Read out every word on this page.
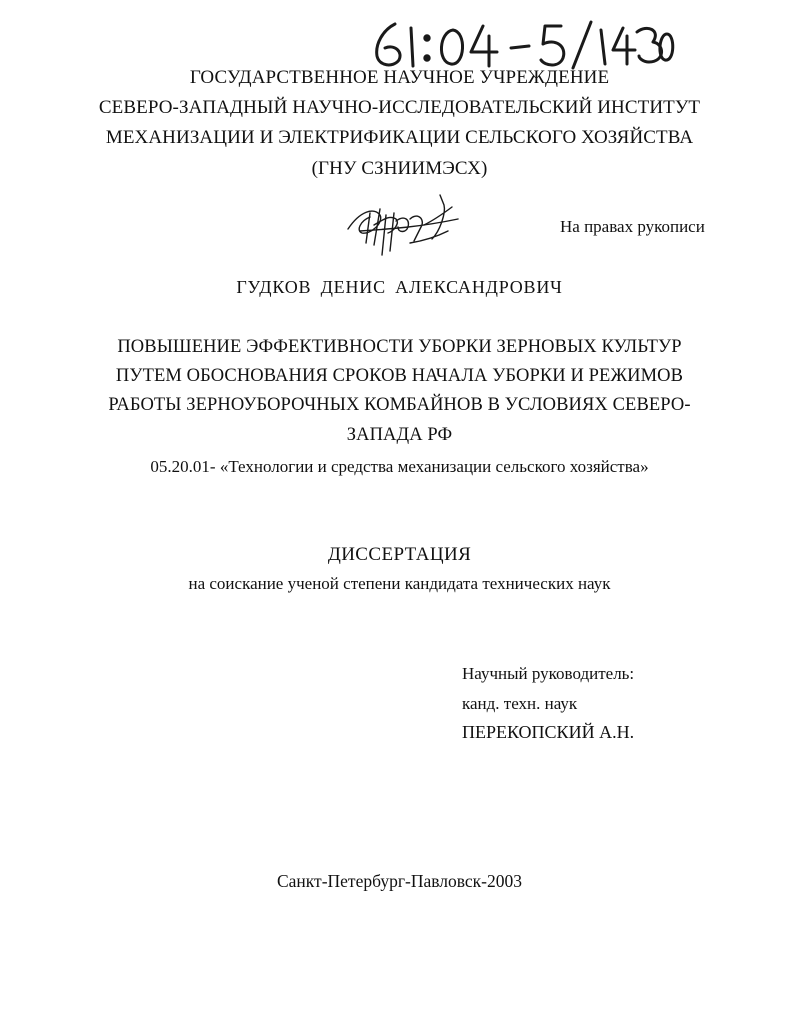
ГОСУДАРСТВЕННОЕ НАУЧНОЕ УЧРЕЖДЕНИЕ
СЕВЕРО-ЗАПАДНЫЙ НАУЧНО-ИССЛЕДОВАТЕЛЬСКИЙ ИНСТИТУТ
МЕХАНИЗАЦИИ И ЭЛЕКТРИФИКАЦИИ СЕЛЬСКОГО ХОЗЯЙСТВА
(ГНУ СЗНИИМЭСХ)
На правах рукописи
ГУДКОВ ДЕНИС АЛЕКСАНДРОВИЧ
ПОВЫШЕНИЕ ЭФФЕКТИВНОСТИ УБОРКИ ЗЕРНОВЫХ КУЛЬТУР
ПУТЕМ ОБОСНОВАНИЯ СРОКОВ НАЧАЛА УБОРКИ И РЕЖИМОВ
РАБОТЫ ЗЕРНОУБОРОЧНЫХ КОМБАЙНОВ В УСЛОВИЯХ СЕВЕРО-
ЗАПАДА РФ
05.20.01- «Технологии и средства механизации сельского хозяйства»
ДИССЕРТАЦИЯ
на соискание ученой степени кандидата технических наук
Научный руководитель:
канд. техн. наук
ПЕРЕКОПСКИЙ А.Н.
Санкт-Петербург-Павловск-2003
